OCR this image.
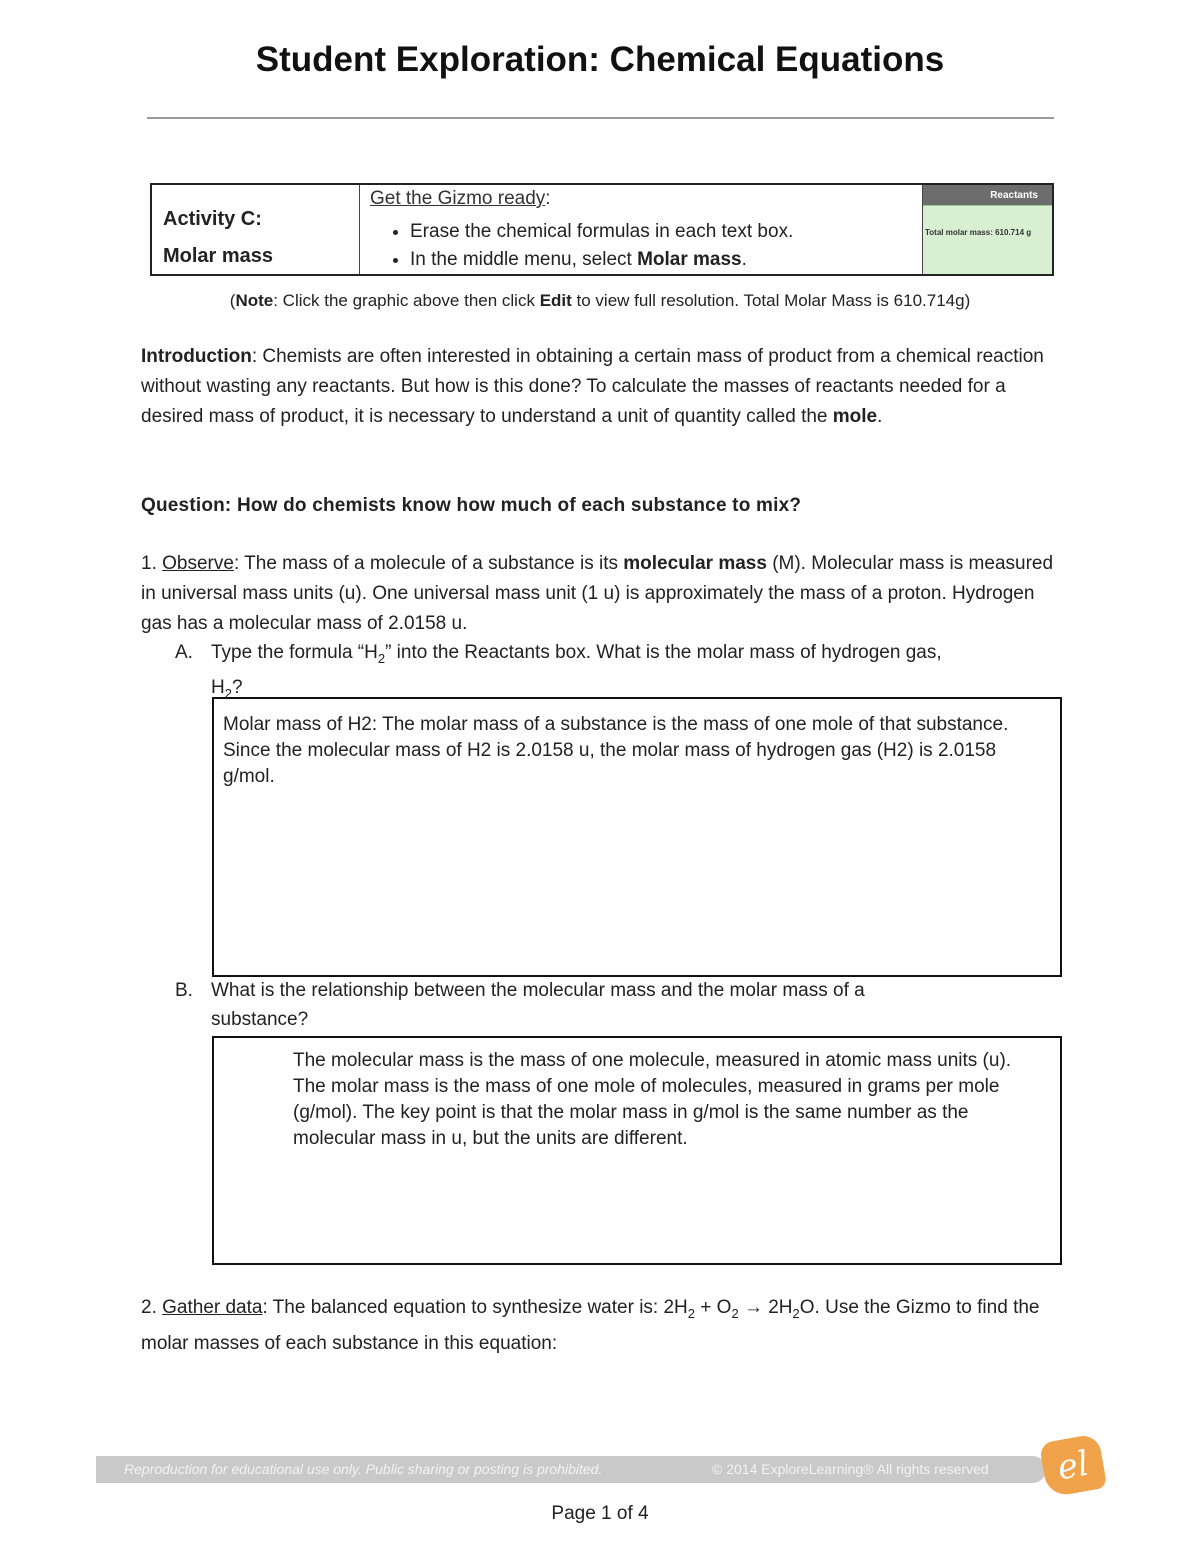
Student Exploration: Chemical Equations
Activity C:
Molar mass
Get the Gizmo ready:
• Erase the chemical formulas in each text box.
• In the middle menu, select Molar mass.
Reactants
Total molar mass: 610.714 g
(Note: Click the graphic above then click Edit to view full resolution. Total Molar Mass is 610.714g)
Introduction: Chemists are often interested in obtaining a certain mass of product from a chemical reaction without wasting any reactants. But how is this done? To calculate the masses of reactants needed for a desired mass of product, it is necessary to understand a unit of quantity called the mole.
Question: How do chemists know how much of each substance to mix?
1. Observe: The mass of a molecule of a substance is its molecular mass (M). Molecular mass is measured in universal mass units (u). One universal mass unit (1 u) is approximately the mass of a proton. Hydrogen gas has a molecular mass of 2.0158 u.
A. Type the formula “$H_2$” into the Reactants box. What is the molar mass of hydrogen gas,
$H_2$?
Molar mass of H2: The molar mass of a substance is the mass of one mole of that substance. Since the molecular mass of H2 is 2.0158 u, the molar mass of hydrogen gas (H2) is 2.0158 g/mol.
B. What is the relationship between the molecular mass and the molar mass of a
substance?
The molecular mass is the mass of one molecule, measured in atomic mass units (u). The molar mass is the mass of one mole of molecules, measured in grams per mole (g/mol). The key point is that the molar mass in g/mol is the same number as the molecular mass in u, but the units are different.
2. Gather data: The balanced equation to synthesize water is: $2H_2 + O_2 \to 2H_2O$. Use the Gizmo to find the molar masses of each substance in this equation:
Reproduction for educational use only. Public sharing or posting is prohibited.	© 2014 ExploreLearning® All rights reserved	el
Page 1 of 4
